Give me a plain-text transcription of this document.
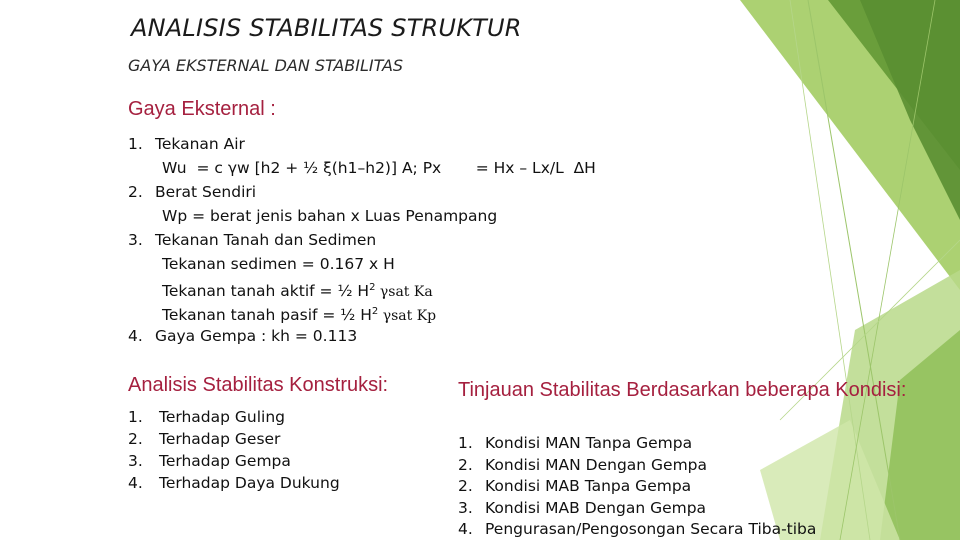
ANALISIS STABILITAS STRUKTUR
GAYA EKSTERNAL DAN STABILITAS
Gaya Eksternal :
1. Tekanan Air
Wu  = c γw [h2 + ½ ξ(h1–h2)] A; Px       = Hx – Lx/L  ΔH
2. Berat Sendiri
Wp = berat jenis bahan x Luas Penampang
3. Tekanan Tanah dan Sedimen
Tekanan sedimen = 0.167 x H
Tekanan tanah aktif = ½ $H^2$ γsat Ka
Tekanan tanah pasif = ½ $H^2$ γsat Kp
4. Gaya Gempa : kh = 0.113
Analisis Stabilitas Konstruksi:
1. Terhadap Guling
2. Terhadap Geser
3. Terhadap Gempa
4. Terhadap Daya Dukung
Tinjauan Stabilitas Berdasarkan beberapa Kondisi:
1. Kondisi MAN Tanpa Gempa
2. Kondisi MAN Dengan Gempa
2. Kondisi MAB Tanpa Gempa
3. Kondisi MAB Dengan Gempa
4. Pengurasan/Pengosongan Secara Tiba-tiba
